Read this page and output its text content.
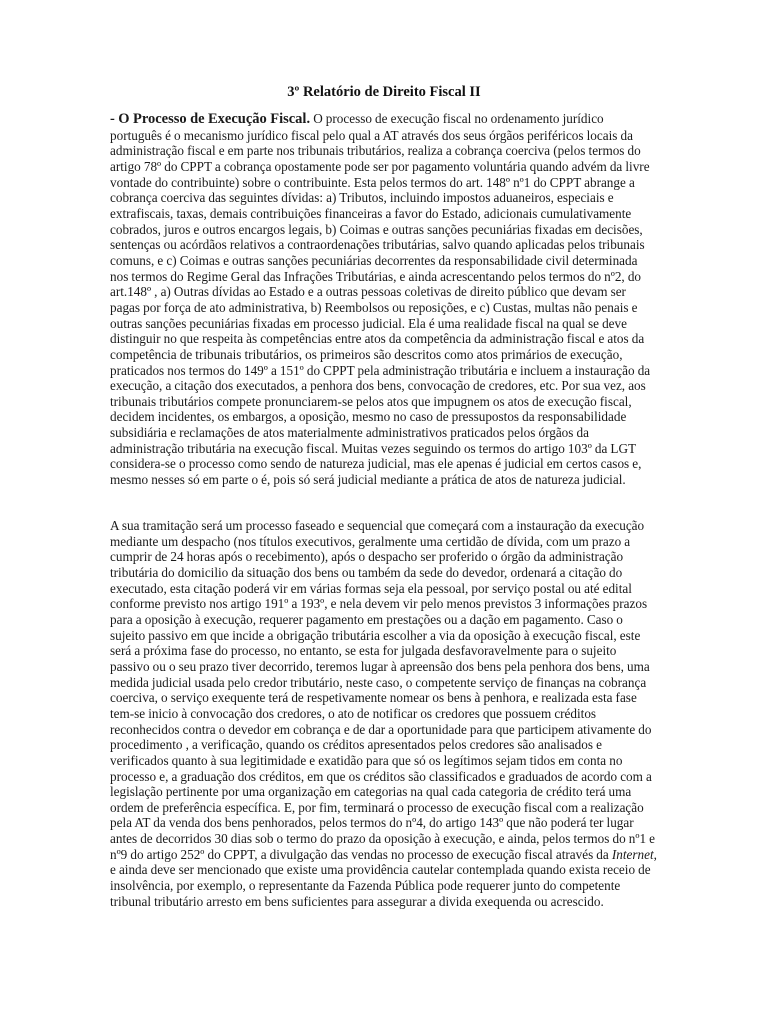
3º Relatório de Direito Fiscal II

- O Processo de Execução Fiscal. O processo de execução fiscal no ordenamento jurídico português é o mecanismo jurídico fiscal pelo qual a AT através dos seus órgãos periféricos locais da administração fiscal e em parte nos tribunais tributários, realiza a cobrança coerciva (pelos termos do artigo 78º do CPPT a cobrança opostamente pode ser por pagamento voluntária quando advém da livre vontade do contribuinte) sobre o contribuinte. Esta pelos termos do art. 148º nº1 do CPPT abrange a cobrança coerciva das seguintes dívidas: a) Tributos, incluindo impostos aduaneiros, especiais e extrafiscais, taxas, demais contribuições financeiras a favor do Estado, adicionais cumulativamente cobrados, juros e outros encargos legais, b) Coimas e outras sanções pecuniárias fixadas em decisões, sentenças ou acórdãos relativos a contraordenações tributárias, salvo quando aplicadas pelos tribunais comuns, e c) Coimas e outras sanções pecuniárias decorrentes da responsabilidade civil determinada nos termos do Regime Geral das Infrações Tributárias, e ainda acrescentando pelos termos do nº2, do art.148º , a) Outras dívidas ao Estado e a outras pessoas coletivas de direito público que devam ser pagas por força de ato administrativa, b) Reembolsos ou reposições, e c) Custas, multas não penais e outras sanções pecuniárias fixadas em processo judicial. Ela é uma realidade fiscal na qual se deve distinguir no que respeita às competências entre atos da competência da administração fiscal e atos da competência de tribunais tributários, os primeiros são descritos como atos primários de execução, praticados nos termos do 149º a 151º do CPPT pela administração tributária e incluem a instauração da execução, a citação dos executados, a penhora dos bens, convocação de credores, etc. Por sua vez, aos tribunais tributários compete pronunciarem-se pelos atos que impugnem os atos de execução fiscal, decidem incidentes, os embargos, a oposição, mesmo no caso de pressupostos da responsabilidade subsidiária e reclamações de atos materialmente administrativos praticados pelos órgãos da administração tributária na execução fiscal. Muitas vezes seguindo os termos do artigo 103º da LGT considera-se o processo como sendo de natureza judicial, mas ele apenas é judicial em certos casos e, mesmo nesses só em parte o é, pois só será judicial mediante a prática de atos de natureza judicial.

A sua tramitação será um processo faseado e sequencial que começará com a instauração da execução mediante um despacho (nos títulos executivos, geralmente uma certidão de dívida, com um prazo a cumprir de 24 horas após o recebimento), após o despacho ser proferido o órgão da administração tributária do domicilio da situação dos bens ou também da sede do devedor, ordenará a citação do executado, esta citação poderá vir em várias formas seja ela pessoal, por serviço postal ou até edital conforme previsto nos artigo 191º a 193º, e nela devem vir pelo menos previstos 3 informações prazos para a oposição à execução, requerer pagamento em prestações ou a dação em pagamento. Caso o sujeito passivo em que incide a obrigação tributária escolher a via da oposição à execução fiscal, este será a próxima fase do processo, no entanto, se esta for julgada desfavoravelmente para o sujeito passivo ou o seu prazo tiver decorrido, teremos lugar à apreensão dos bens pela penhora dos bens, uma medida judicial usada pelo credor tributário, neste caso, o competente serviço de finanças na cobrança coerciva, o serviço exequente terá de respetivamente nomear os bens à penhora, e realizada esta fase tem-se inicio à convocação dos credores, o ato de notificar os credores que possuem créditos reconhecidos contra o devedor em cobrança e de dar a oportunidade para que participem ativamente do procedimento , a verificação, quando os créditos apresentados pelos credores são analisados e verificados quanto à sua legitimidade e exatidão para que só os legítimos sejam tidos em conta no processo e, a graduação dos créditos, em que os créditos são classificados e graduados de acordo com a legislação pertinente por uma organização em categorias na qual cada categoria de crédito terá uma ordem de preferência específica. E, por fim, terminará o processo de execução fiscal com a realização pela AT da venda dos bens penhorados, pelos termos do nº4, do artigo 143º que não poderá ter lugar antes de decorridos 30 dias sob o termo do prazo da oposição à execução, e ainda, pelos termos do nº1 e nº9 do artigo 252º do CPPT, a divulgação das vendas no processo de execução fiscal através da Internet, e ainda deve ser mencionado que existe uma providência cautelar contemplada quando exista receio de insolvência, por exemplo, o representante da Fazenda Pública pode requerer junto do competente tribunal tributário arresto em bens suficientes para assegurar a divida exequenda ou acrescido.
